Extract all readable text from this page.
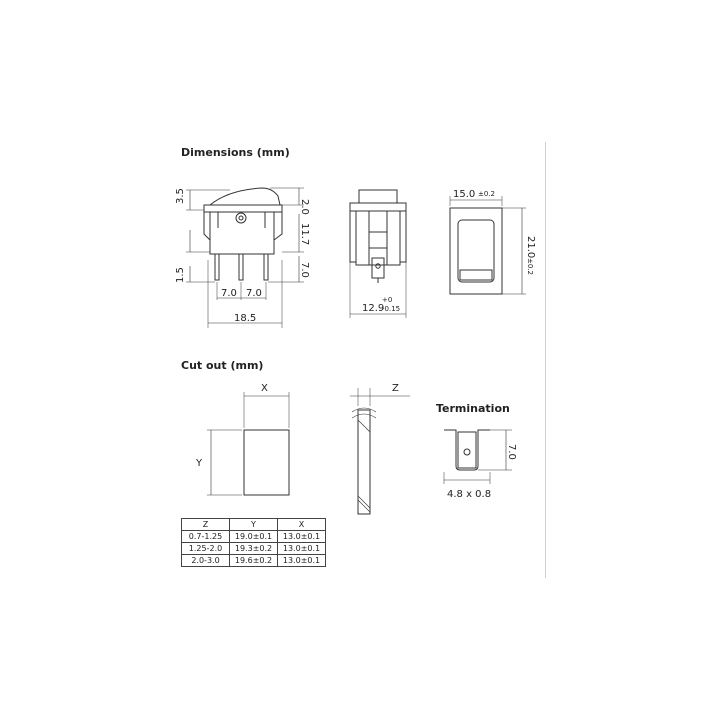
Dimensions (mm)
Cut out (mm)
Termination
3.5
1.5
2.0
11.7
7.0
7.0 7.0
18.5
12.9
+0
-0.15
15.0 ±0.2
21.0
±0.2
X
Y
Z
7.0
4.8 x 0.8
Z	Y	X
0.7-1.25	19.0±0.1	13.0±0.1
1.25-2.0	19.3±0.2	13.0±0.1
2.0-3.0	19.6±0.2	13.0±0.1
